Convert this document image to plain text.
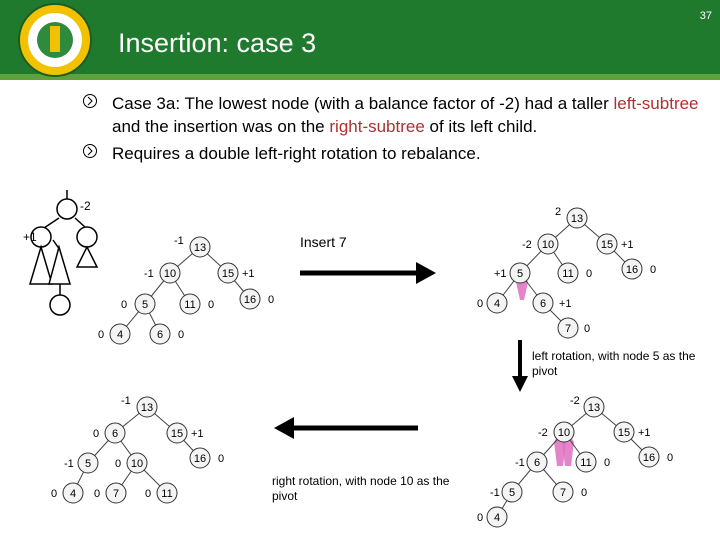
Insertion: case 3
37
Case 3a: The lowest node (with a balance factor of -2) had a taller left-subtree and the insertion was on the right-subtree of its left child.
Requires a double left-right rotation to rebalance.
-2
+1
13
-1
10
-1	15 +1
5
0	11 0	16 0
4
0	6 0
13
2
10
-2	15 +1
5
+1	11 0	16 0
4
0	6 +1
7 0
13
-2
10
-2	15 +1
6
-1	11 0	16 0
5
-1	7 0
4
0
13
-1
6
0	15 +1
5
-1	10
0	16 0
4
0	7
0	11
0
Insert 7
left rotation, with node 5 as the pivot
right rotation, with node 10 as the pivot
